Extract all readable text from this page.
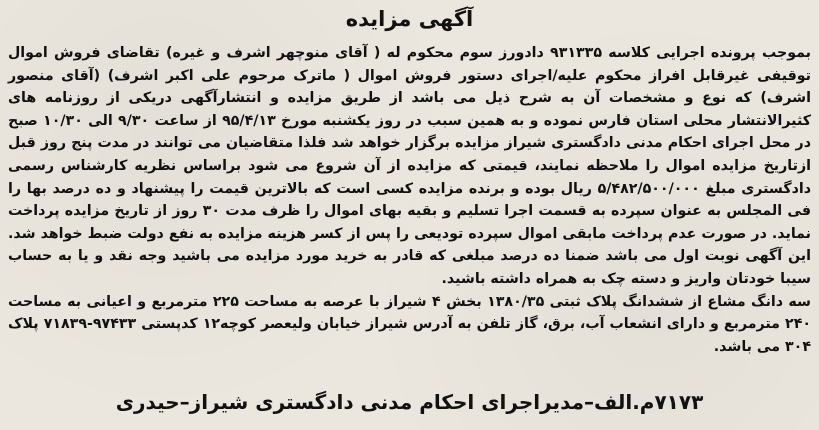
آگهی مزایده

بموجب پرونده اجرایی کلاسه ۹۳۱۳۳۵ دادورز سوم محکوم له ( آقای منوچهر اشرف و غیره) تقاضای فروش اموال توقیفی غیرقابل افراز محکوم علیه/اجرای دستور فروش اموال ( ماترک مرحوم علی اکبر اشرف) (آقای منصور اشرف) که نوع و مشخصات آن به شرح ذیل می باشد از طریق مزایده و انتشارآگهی دریکی از روزنامه های کثیرالانتشار محلی استان فارس نموده و به همین سبب در روز یکشنبه مورخ ۹۵/۴/۱۳ از ساعت ۹/۳۰ الی ۱۰/۳۰ صبح در محل اجرای احکام مدنی دادگستری شیراز مزایده برگزار خواهد شد فلذا متقاضیان می توانند در مدت پنج روز قبل ازتاریخ مزایده اموال را ملاحظه نمایند، قیمتی که مزایده از آن شروع می شود براساس نظریه کارشناس رسمی دادگستری مبلغ ۵/۴۸۲/۵۰۰/۰۰۰ ریال بوده و برنده مزایده کسی است که بالاترین قیمت را پیشنهاد و ده درصد بها را فی المجلس به عنوان سپرده به قسمت اجرا تسلیم و بقیه بهای اموال را ظرف مدت ۳۰ روز از تاریخ مزایده پرداخت نماید. در صورت عدم پرداخت مابقی اموال سپرده تودیعی را پس از کسر هزینه مزایده به نفع دولت ضبط خواهد شد. این آگهی نوبت اول می باشد ضمنا ده درصد مبلغی که قادر به خرید مورد مزایده می باشید وجه نقد و یا به حساب سیبا خودتان واریز و دسته چک به همراه داشته باشید.

سه دانگ مشاع از ششدانگ پلاک ثبتی ۱۳۸۰/۳۵ بخش ۴ شیراز با عرصه به مساحت ۲۲۵ مترمربع و اعیانی به مساحت ۲۴۰ مترمربع و دارای انشعاب آب، برق، گاز تلفن به آدرس شیراز خیابان ولیعصر کوچه۱۲ کدپستی ۹۷۴۳۳-۷۱۸۳۹ پلاک ۳۰۴ می باشد.

۷۱۷۳م.الف–مدیراجرای احکام مدنی دادگستری شیراز–حیدری
